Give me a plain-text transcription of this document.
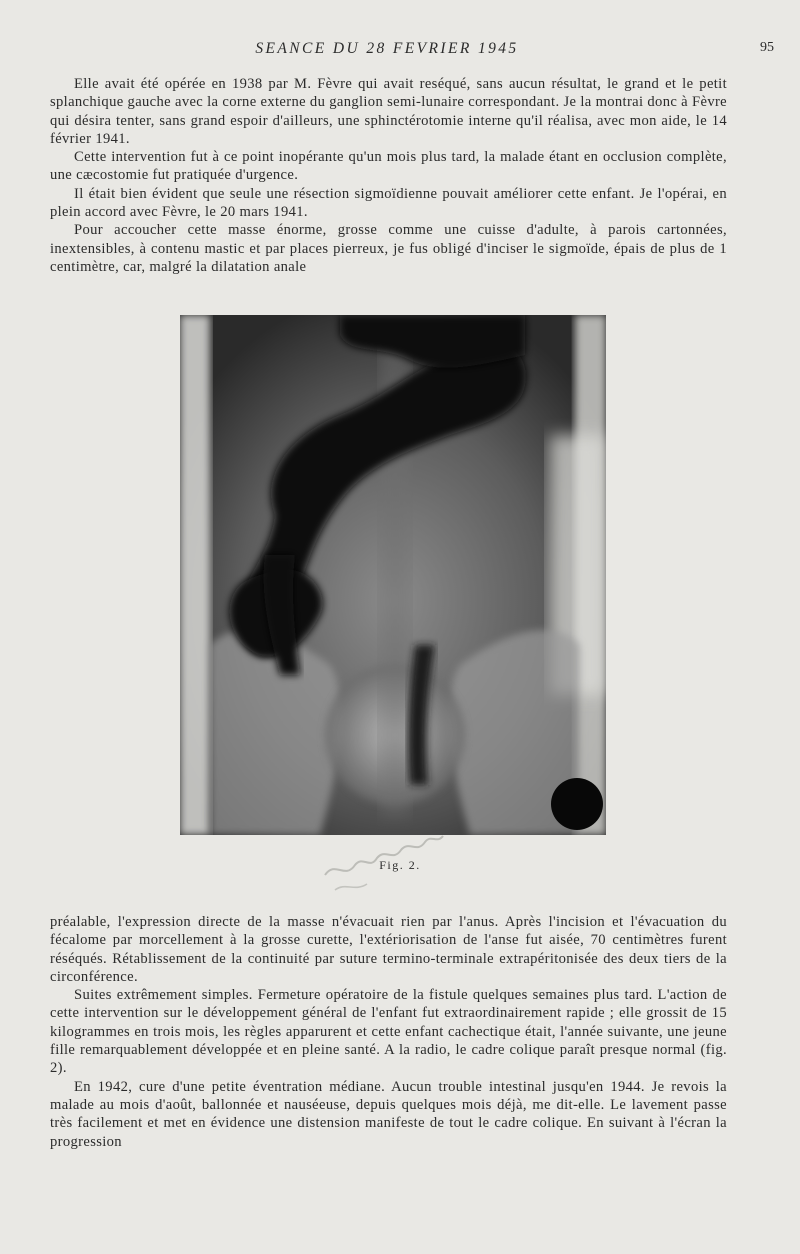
SEANCE DU 28 FEVRIER 1945	95

Elle avait été opérée en 1938 par M. Fèvre qui avait reséqué, sans aucun résultat, le grand et le petit splanchique gauche avec la corne externe du ganglion semi-lunaire correspondant. Je la montrai donc à Fèvre qui désira tenter, sans grand espoir d'ailleurs, une sphinctérotomie interne qu'il réalisa, avec mon aide, le 14 février 1941.

Cette intervention fut à ce point inopérante qu'un mois plus tard, la malade étant en occlusion complète, une cæcostomie fut pratiquée d'urgence.

Il était bien évident que seule une résection sigmoïdienne pouvait améliorer cette enfant. Je l'opérai, en plein accord avec Fèvre, le 20 mars 1941.

Pour accoucher cette masse énorme, grosse comme une cuisse d'adulte, à parois cartonnées, inextensibles, à contenu mastic et par places pierreux, je fus obligé d'inciser le sigmoïde, épais de plus de 1 centimètre, car, malgré la dilatation anale

Fig. 2.

préalable, l'expression directe de la masse n'évacuait rien par l'anus. Après l'incision et l'évacuation du fécalome par morcellement à la grosse curette, l'extériorisation de l'anse fut aisée, 70 centimètres furent réséqués. Rétablissement de la continuité par suture termino-terminale extrapéritonisée des deux tiers de la circonférence.

Suites extrêmement simples. Fermeture opératoire de la fistule quelques semaines plus tard. L'action de cette intervention sur le développement général de l'enfant fut extraordinairement rapide ; elle grossit de 15 kilogrammes en trois mois, les règles apparurent et cette enfant cachectique était, l'année suivante, une jeune fille remarquablement développée et en pleine santé. A la radio, le cadre colique paraît presque normal (fig. 2).

En 1942, cure d'une petite éventration médiane. Aucun trouble intestinal jusqu'en 1944. Je revois la malade au mois d'août, ballonnée et nauséeuse, depuis quelques mois déjà, me dit-elle. Le lavement passe très facilement et met en évidence une distension manifeste de tout le cadre colique. En suivant à l'écran la progression
